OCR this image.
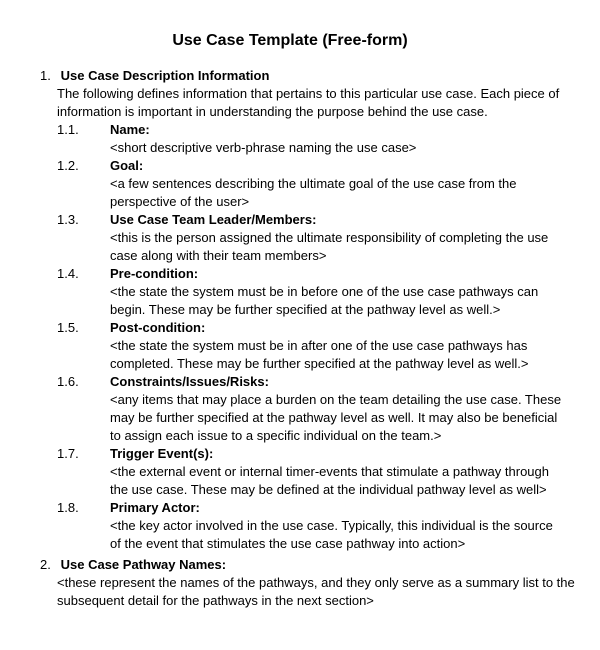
Use Case Template (Free-form)
1. Use Case Description Information
The following defines information that pertains to this particular use case. Each piece of information is important in understanding the purpose behind the use case.
1.1.	Name:
<short descriptive verb-phrase naming the use case>
1.2.	Goal:
<a few sentences describing the ultimate goal of the use case from the perspective of the user>
1.3.	Use Case Team Leader/Members:
<this is the person assigned the ultimate responsibility of completing the use case along with their team members>
1.4.	Pre-condition:
<the state the system must be in before one of the use case pathways can begin. These may be further specified at the pathway level as well.>
1.5.	Post-condition:
<the state the system must be in after one of the use case pathways has completed. These may be further specified at the pathway level as well.>
1.6.	Constraints/Issues/Risks:
<any items that may place a burden on the team detailing the use case. These may be further specified at the pathway level as well. It may also be beneficial to assign each issue to a specific individual on the team.>
1.7.	Trigger Event(s):
<the external event or internal timer-events that stimulate a pathway through the use case. These may be defined at the individual pathway level as well>
1.8.	Primary Actor:
<the key actor involved in the use case. Typically, this individual is the source of the event that stimulates the use case pathway into action>
2. Use Case Pathway Names:
<these represent the names of the pathways, and they only serve as a summary list to the subsequent detail for the pathways in the next section>
